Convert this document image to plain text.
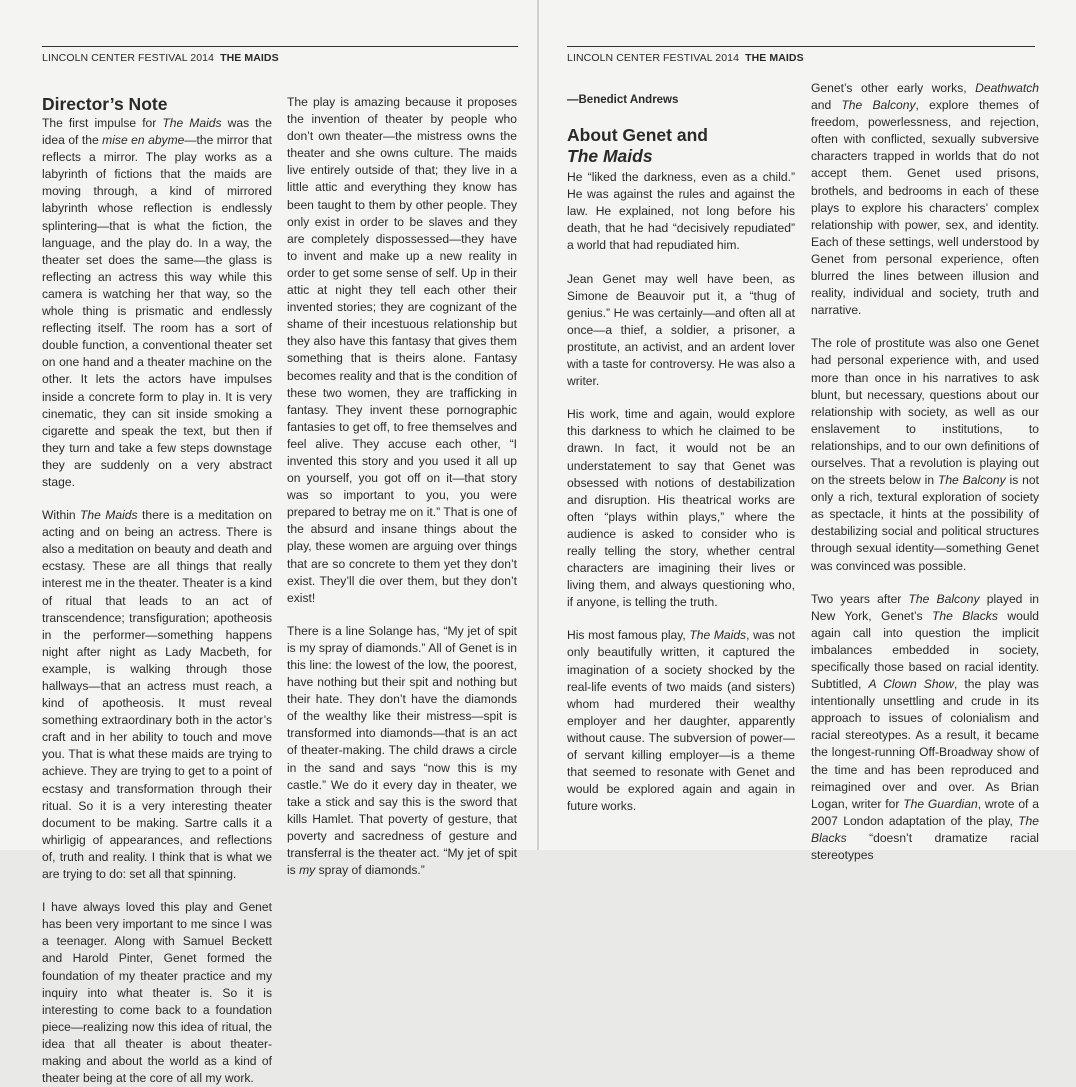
LINCOLN CENTER FESTIVAL 2014 THE MAIDS
Director’s Note

The first impulse for The Maids was the idea of the mise en abyme—the mirror that reflects a mirror. The play works as a labyrinth of fictions that the maids are moving through, a kind of mirrored labyrinth whose reflection is endlessly splintering—that is what the fiction, the language, and the play do. In a way, the theater set does the same—the glass is reflecting an actress this way while this camera is watching her that way, so the whole thing is prismatic and endlessly reflecting itself. The room has a sort of double function, a conventional theater set on one hand and a theater machine on the other. It lets the actors have impulses inside a concrete form to play in. It is very cinematic, they can sit inside smoking a cigarette and speak the text, but then if they turn and take a few steps downstage they are suddenly on a very abstract stage.

Within The Maids there is a meditation on acting and on being an actress. There is also a meditation on beauty and death and ecstasy. These are all things that really interest me in the theater. Theater is a kind of ritual that leads to an act of transcendence; transfiguration; apotheosis in the performer—something happens night after night as Lady Macbeth, for example, is walking through those hallways—that an actress must reach, a kind of apotheosis. It must reveal something extraordinary both in the actor’s craft and in her ability to touch and move you. That is what these maids are trying to achieve. They are trying to get to a point of ecstasy and transformation through their ritual. So it is a very interesting theater document to be making. Sartre calls it a whirligig of appearances, and reflections of, truth and reality. I think that is what we are trying to do: set all that spinning.

I have always loved this play and Genet has been very important to me since I was a teenager. Along with Samuel Beckett and Harold Pinter, Genet formed the foundation of my theater practice and my inquiry into what theater is. So it is interesting to come back to a foundation piece—realizing now this idea of ritual, the idea that all theater is about theater-making and about the world as a kind of theater being at the core of all my work.

The play is amazing because it proposes the invention of theater by people who don’t own theater—the mistress owns the theater and she owns culture. The maids live entirely outside of that; they live in a little attic and everything they know has been taught to them by other people. They only exist in order to be slaves and they are completely dispossessed—they have to invent and make up a new reality in order to get some sense of self. Up in their attic at night they tell each other their invented stories; they are cognizant of the shame of their incestuous relationship but they also have this fantasy that gives them something that is theirs alone. Fantasy becomes reality and that is the condition of these two women, they are trafficking in fantasy. They invent these pornographic fantasies to get off, to free themselves and feel alive. They accuse each other, “I invented this story and you used it all up on yourself, you got off on it—that story was so important to you, you were prepared to betray me on it.” That is one of the absurd and insane things about the play, these women are arguing over things that are so concrete to them yet they don’t exist. They’ll die over them, but they don’t exist!

There is a line Solange has, “My jet of spit is my spray of diamonds.” All of Genet is in this line: the lowest of the low, the poorest, have nothing but their spit and nothing but their hate. They don’t have the diamonds of the wealthy like their mistress—spit is transformed into diamonds—that is an act of theater-making. The child draws a circle in the sand and says “now this is my castle.” We do it every day in theater, we take a stick and say this is the sword that kills Hamlet. That poverty of gesture, that poverty and sacredness of gesture and transferral is the theater act. “My jet of spit is my spray of diamonds.”

LINCOLN CENTER FESTIVAL 2014 THE MAIDS

—Benedict Andrews

About Genet and
The Maids

He “liked the darkness, even as a child.” He was against the rules and against the law. He explained, not long before his death, that he had “decisively repudiated” a world that had repudiated him.

Jean Genet may well have been, as Simone de Beauvoir put it, a “thug of genius.” He was certainly—and often all at once—a thief, a soldier, a prisoner, a prostitute, an activist, and an ardent lover with a taste for controversy. He was also a writer.

His work, time and again, would explore this darkness to which he claimed to be drawn. In fact, it would not be an understatement to say that Genet was obsessed with notions of destabilization and disruption. His theatrical works are often “plays within plays,” where the audience is asked to consider who is really telling the story, whether central characters are imagining their lives or living them, and always questioning who, if anyone, is telling the truth.

His most famous play, The Maids, was not only beautifully written, it captured the imagination of a society shocked by the real-life events of two maids (and sisters) whom had murdered their wealthy employer and her daughter, apparently without cause. The subversion of power—of servant killing employer—is a theme that seemed to resonate with Genet and would be explored again and again in future works.

Genet’s other early works, Deathwatch and The Balcony, explore themes of freedom, powerlessness, and rejection, often with conflicted, sexually subversive characters trapped in worlds that do not accept them. Genet used prisons, brothels, and bedrooms in each of these plays to explore his characters’ complex relationship with power, sex, and identity. Each of these settings, well understood by Genet from personal experience, often blurred the lines between illusion and reality, individual and society, truth and narrative.

The role of prostitute was also one Genet had personal experience with, and used more than once in his narratives to ask blunt, but necessary, questions about our relationship with society, as well as our enslavement to institutions, to relationships, and to our own definitions of ourselves. That a revolution is playing out on the streets below in The Balcony is not only a rich, textural exploration of society as spectacle, it hints at the possibility of destabilizing social and political structures through sexual identity—something Genet was convinced was possible.

Two years after The Balcony played in New York, Genet’s The Blacks would again call into question the implicit imbalances embedded in society, specifically those based on racial identity. Subtitled, A Clown Show, the play was intentionally unsettling and crude in its approach to issues of colonialism and racial stereotypes. As a result, it became the longest-running Off-Broadway show of the time and has been reproduced and reimagined over and over. As Brian Logan, writer for The Guardian, wrote of a 2007 London adaptation of the play, The Blacks “doesn’t dramatize racial stereotypes
